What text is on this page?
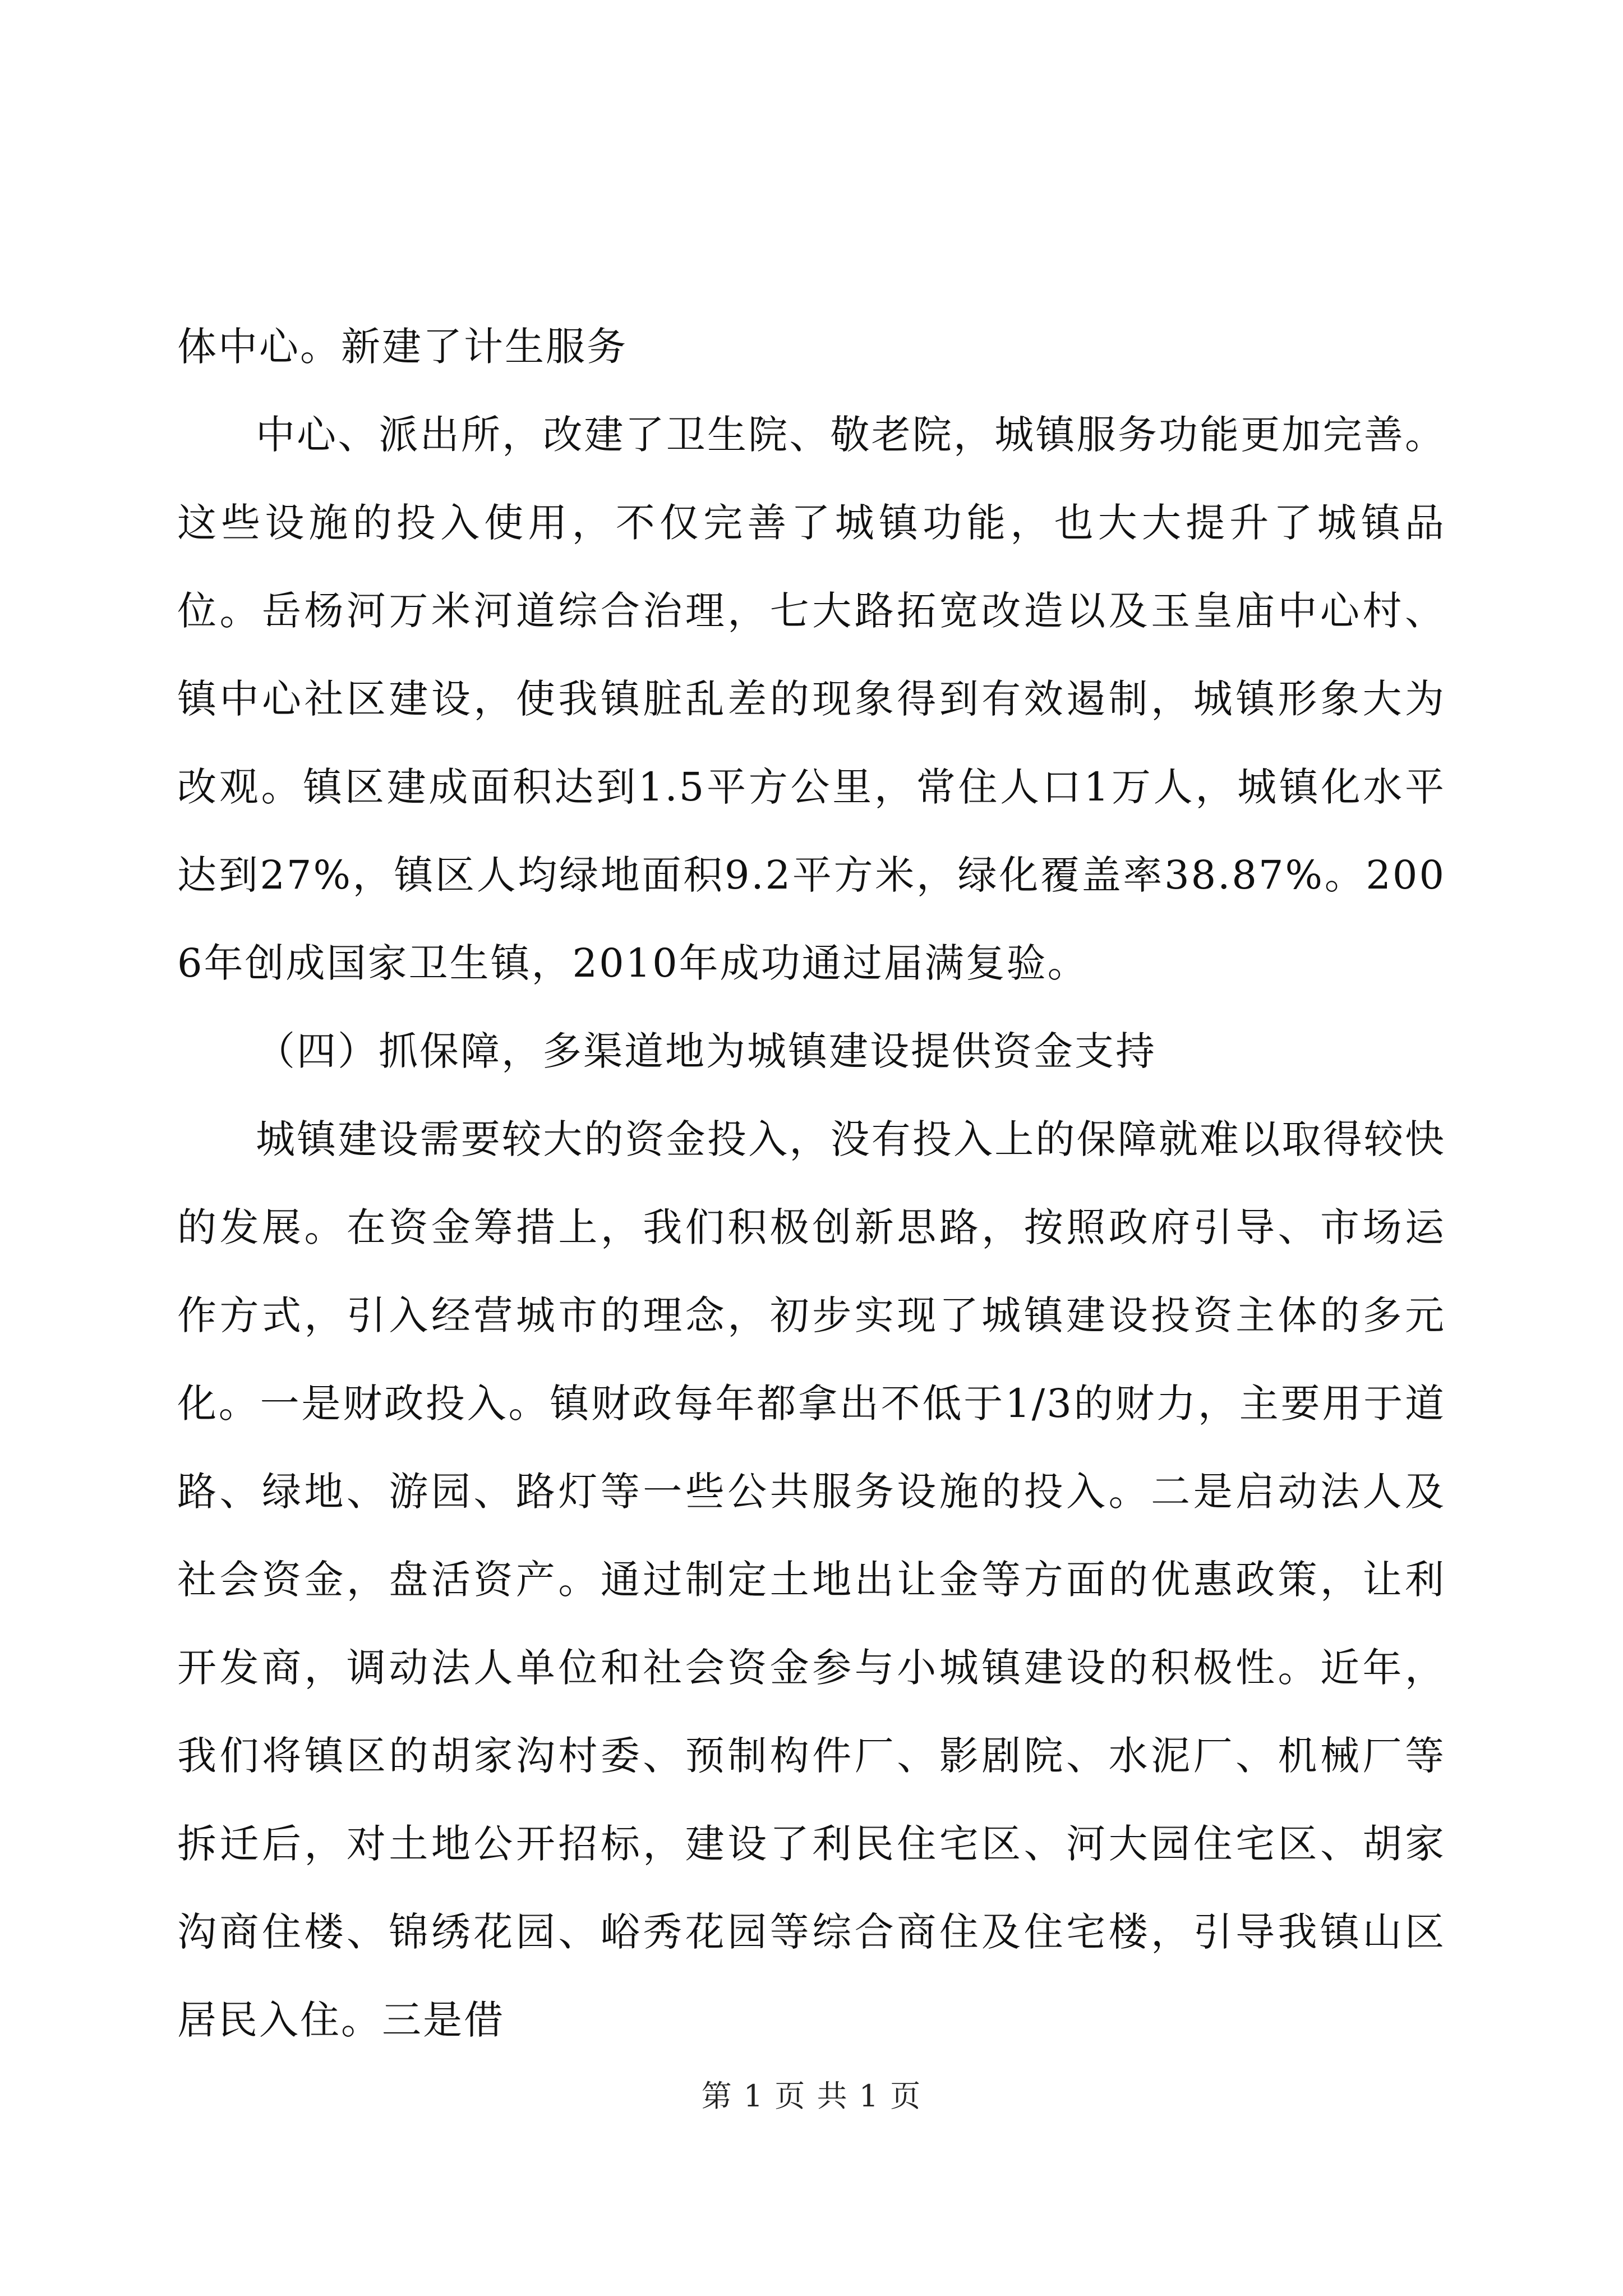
体中心。新建了计生服务

中心、派出所，改建了卫生院、敬老院，城镇服务功能更加完善。这些设施的投入使用，不仅完善了城镇功能，也大大提升了城镇品位。岳杨河万米河道综合治理，七大路拓宽改造以及玉皇庙中心村、镇中心社区建设，使我镇脏乱差的现象得到有效遏制，城镇形象大为改观。镇区建成面积达到1.5平方公里，常住人口1万人，城镇化水平达到27%，镇区人均绿地面积9.2平方米，绿化覆盖率38.87%。2006年创成国家卫生镇，2010年成功通过届满复验。

（四）抓保障，多渠道地为城镇建设提供资金支持

城镇建设需要较大的资金投入，没有投入上的保障就难以取得较快的发展。在资金筹措上，我们积极创新思路，按照政府引导、市场运作方式，引入经营城市的理念，初步实现了城镇建设投资主体的多元化。一是财政投入。镇财政每年都拿出不低于1/3的财力，主要用于道路、绿地、游园、路灯等一些公共服务设施的投入。二是启动法人及社会资金，盘活资产。通过制定土地出让金等方面的优惠政策，让利开发商，调动法人单位和社会资金参与小城镇建设的积极性。近年，我们将镇区的胡家沟村委、预制构件厂、影剧院、水泥厂、机械厂等拆迁后，对土地公开招标，建设了利民住宅区、河大园住宅区、胡家沟商住楼、锦绣花园、峪秀花园等综合商住及住宅楼，引导我镇山区居民入住。三是借

第 1 页 共 1 页
